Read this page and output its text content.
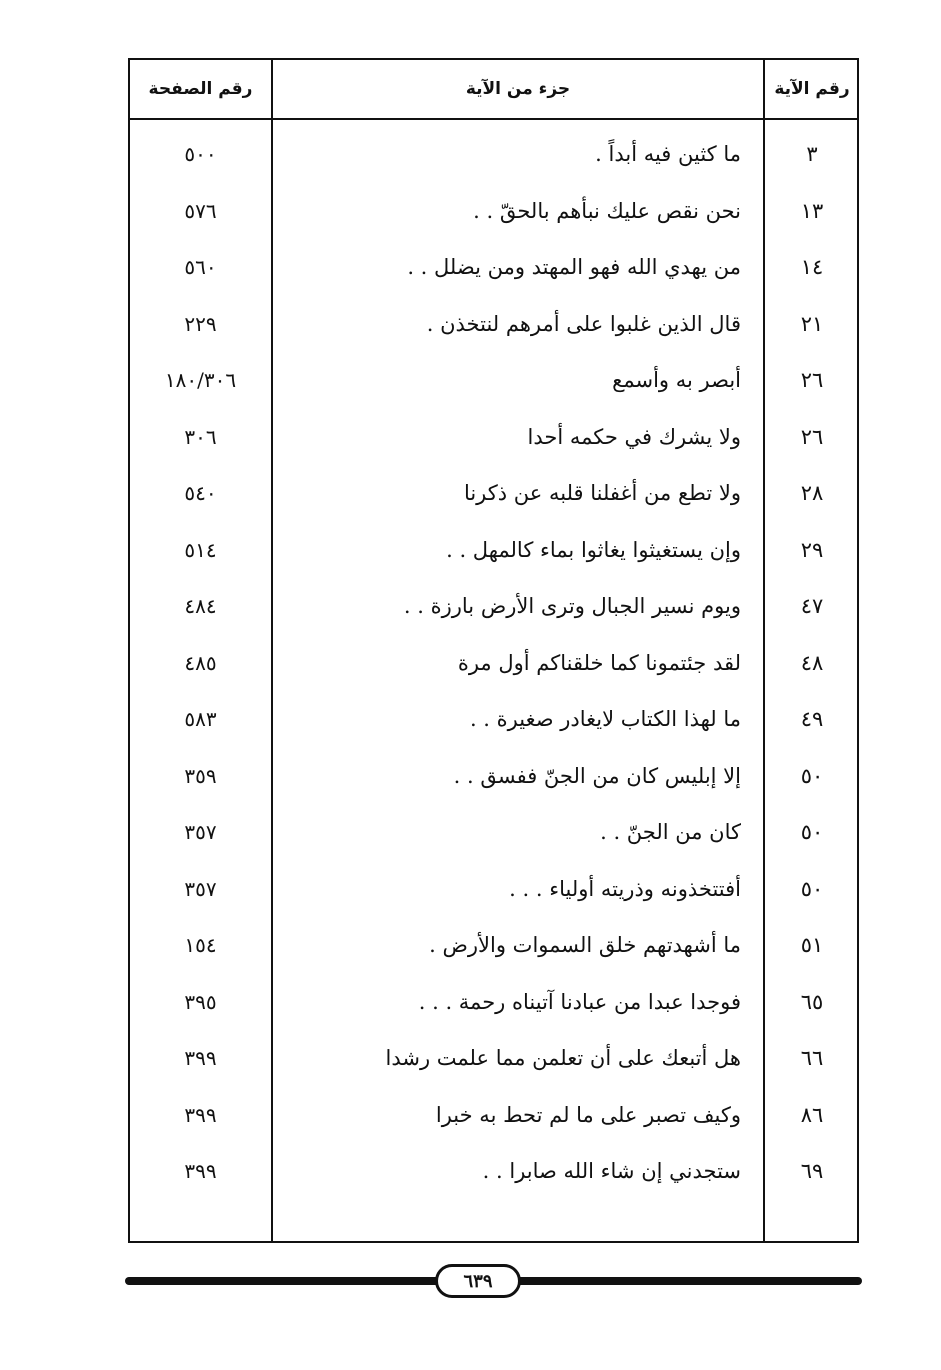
رقم الصفحة	جزء من الآية	رقم الآية
٥٠٠	ما كثين فيه أبداً .	٣
٥٧٦	نحن نقص عليك نبأهم بالحقّ . .	١٣
٥٦٠	من يهدي الله فهو المهتد ومن يضلل . .	١٤
٢٢٩	قال الذين غلبوا على أمرهم لنتخذن .	٢١
١٨٠/٣٠٦	أبصر به وأسمع	٢٦
٣٠٦	ولا يشرك في حكمه أحدا	٢٦
٥٤٠	ولا تطع من أغفلنا قلبه عن ذكرنا	٢٨
٥١٤	وإن يستغيثوا يغاثوا بماء كالمهل . .	٢٩
٤٨٤	ويوم نسير الجبال وترى الأرض بارزة . .	٤٧
٤٨٥	لقد جئتمونا كما خلقناكم أول مرة	٤٨
٥٨٣	ما لهذا الكتاب لايغادر صغيرة . .	٤٩
٣٥٩	إلا إبليس كان من الجنّ ففسق . .	٥٠
٣٥٧	كان من الجنّ . .	٥٠
٣٥٧	أفتتخذونه وذريته أولياء . . .	٥٠
١٥٤	ما أشهدتهم خلق السموات والأرض .	٥١
٣٩٥	فوجدا عبدا من عبادنا آتيناه رحمة . . .	٦٥
٣٩٩	هل أتبعك على أن تعلمن مما علمت رشدا	٦٦
٣٩٩	وكيف تصبر على ما لم تحط به خبرا	٨٦
٣٩٩	ستجدني إن شاء الله صابرا . .	٦٩
٦٣٩
